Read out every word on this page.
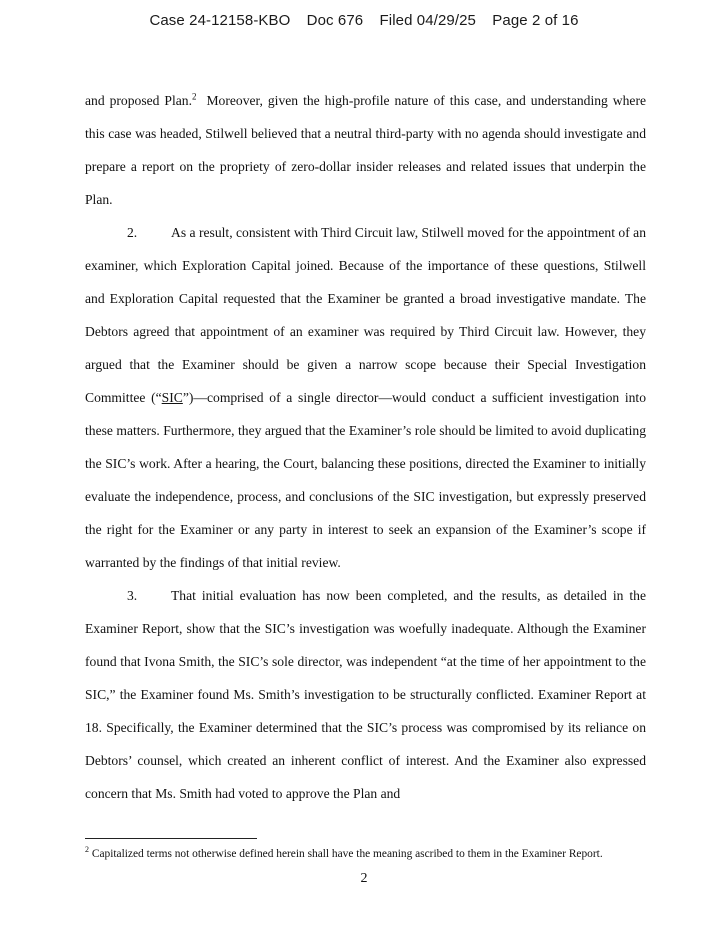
Case 24-12158-KBO Doc 676 Filed 04/29/25 Page 2 of 16

and proposed Plan.$^2$  Moreover, given the high-profile nature of this case, and understanding where this case was headed, Stilwell believed that a neutral third-party with no agenda should investigate and prepare a report on the propriety of zero-dollar insider releases and related issues that underpin the Plan.

2. As a result, consistent with Third Circuit law, Stilwell moved for the appointment of an examiner, which Exploration Capital joined. Because of the importance of these questions, Stilwell and Exploration Capital requested that the Examiner be granted a broad investigative mandate. The Debtors agreed that appointment of an examiner was required by Third Circuit law. However, they argued that the Examiner should be given a narrow scope because their Special Investigation Committee (“SIC”)—comprised of a single director—would conduct a sufficient investigation into these matters. Furthermore, they argued that the Examiner’s role should be limited to avoid duplicating the SIC’s work. After a hearing, the Court, balancing these positions, directed the Examiner to initially evaluate the independence, process, and conclusions of the SIC investigation, but expressly preserved the right for the Examiner or any party in interest to seek an expansion of the Examiner’s scope if warranted by the findings of that initial review.

3. That initial evaluation has now been completed, and the results, as detailed in the Examiner Report, show that the SIC’s investigation was woefully inadequate. Although the Examiner found that Ivona Smith, the SIC’s sole director, was independent “at the time of her appointment to the SIC,” the Examiner found Ms. Smith’s investigation to be structurally conflicted. Examiner Report at 18. Specifically, the Examiner determined that the SIC’s process was compromised by its reliance on Debtors’ counsel, which created an inherent conflict of interest. And the Examiner also expressed concern that Ms. Smith had voted to approve the Plan and

$^2$ Capitalized terms not otherwise defined herein shall have the meaning ascribed to them in the Examiner Report.
2
